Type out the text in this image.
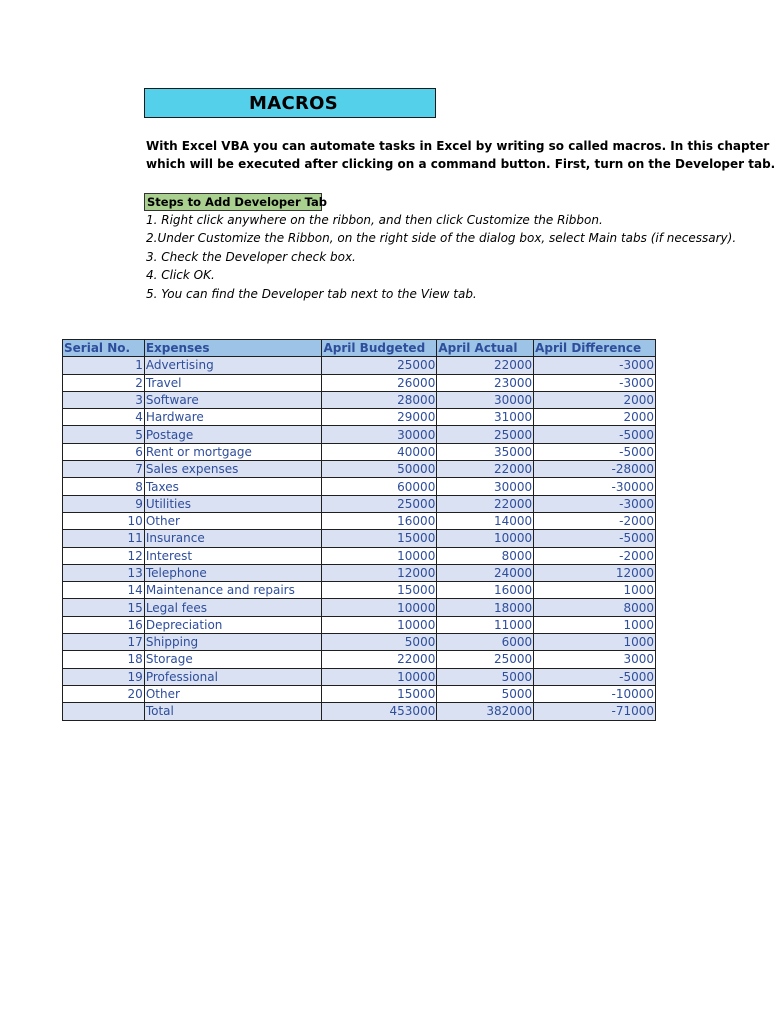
MACROS
With Excel VBA you can automate tasks in Excel by writing so called macros. In this chapter
which will be executed after clicking on a command button. First, turn on the Developer tab.
Steps to Add Developer Tab
1. Right click anywhere on the ribbon, and then click Customize the Ribbon.
2.Under Customize the Ribbon, on the right side of the dialog box, select Main tabs (if necessary).
3. Check the Developer check box.
4. Click OK.
5. You can find the Developer tab next to the View tab.
Serial No.	Expenses	April Budgeted	April Actual	April Difference
1	Advertising	25000	22000	-3000
2	Travel	26000	23000	-3000
3	Software	28000	30000	2000
4	Hardware	29000	31000	2000
5	Postage	30000	25000	-5000
6	Rent or mortgage	40000	35000	-5000
7	Sales expenses	50000	22000	-28000
8	Taxes	60000	30000	-30000
9	Utilities	25000	22000	-3000
10	Other	16000	14000	-2000
11	Insurance	15000	10000	-5000
12	Interest	10000	8000	-2000
13	Telephone	12000	24000	12000
14	Maintenance and repairs	15000	16000	1000
15	Legal fees	10000	18000	8000
16	Depreciation	10000	11000	1000
17	Shipping	5000	6000	1000
18	Storage	22000	25000	3000
19	Professional	10000	5000	-5000
20	Other	15000	5000	-10000
	Total	453000	382000	-71000
